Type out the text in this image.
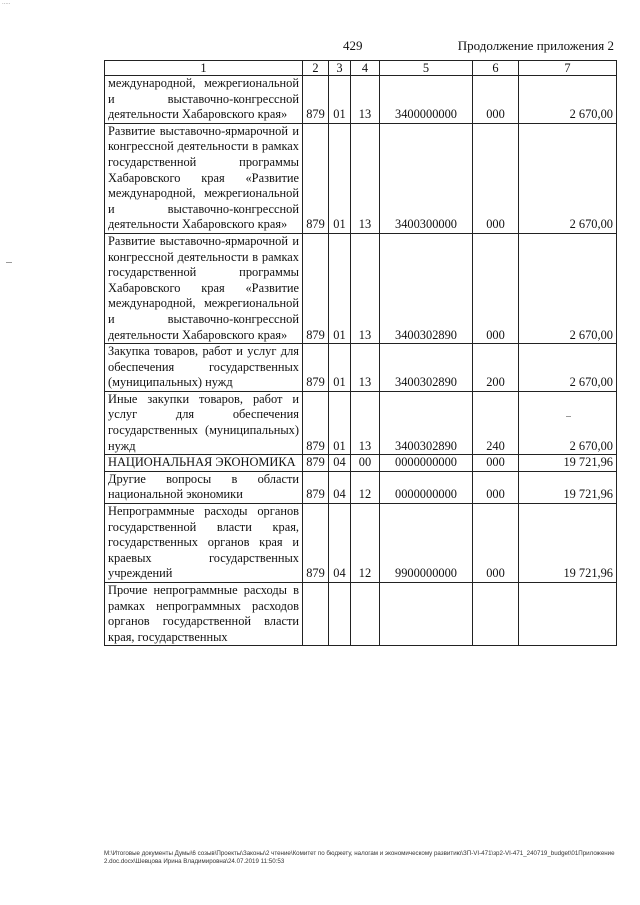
.....
429	Продолжение приложения 2
1	2	3	4	5	6	7

международной, межрегиональной и выставочно-конгрессной деятельности Хабаровского края»	879	01	13	3400000000	000	2 670,00

Развитие выставочно-ярмарочной и конгрессной деятельности в рамках государственной программы Хабаровского края «Развитие международной, межрегиональной и выставочно-конгрессной деятельности Хабаровского края»	879	01	13	3400300000	000	2 670,00

Развитие выставочно-ярмарочной и конгрессной деятельности в рамках государственной программы Хабаровского края «Развитие международной, межрегиональной и выставочно-конгрессной деятельности Хабаровского края»	879	01	13	3400302890	000	2 670,00

Закупка товаров, работ и услуг для обеспечения государственных (муниципальных) нужд	879	01	13	3400302890	200	2 670,00

Иные закупки товаров, работ и услуг для обеспечения государственных (муниципальных) нужд	879	01	13	3400302890	240	2 670,00

НАЦИОНАЛЬНАЯ ЭКОНОМИКА	879	04	00	0000000000	000	19 721,96

Другие вопросы в области национальной экономики	879	04	12	0000000000	000	19 721,96

Непрограммные расходы органов государственной власти края, государственных органов края и краевых государственных учреждений	879	04	12	9900000000	000	19 721,96

Прочие непрограммные расходы в рамках непрограммных расходов органов государственной власти края, государственных						

M:\Итоговые документы Думы\6 созыв\Проекты\Законы\2 чтение\Комитет по бюджету, налогам и экономическому развитию\ЗП-VI-471\зр2-VI-471_240719_budget\01Приложение 2.doc.docx\Шевцова Ирина Владимировна\24.07.2019 11:50:53
